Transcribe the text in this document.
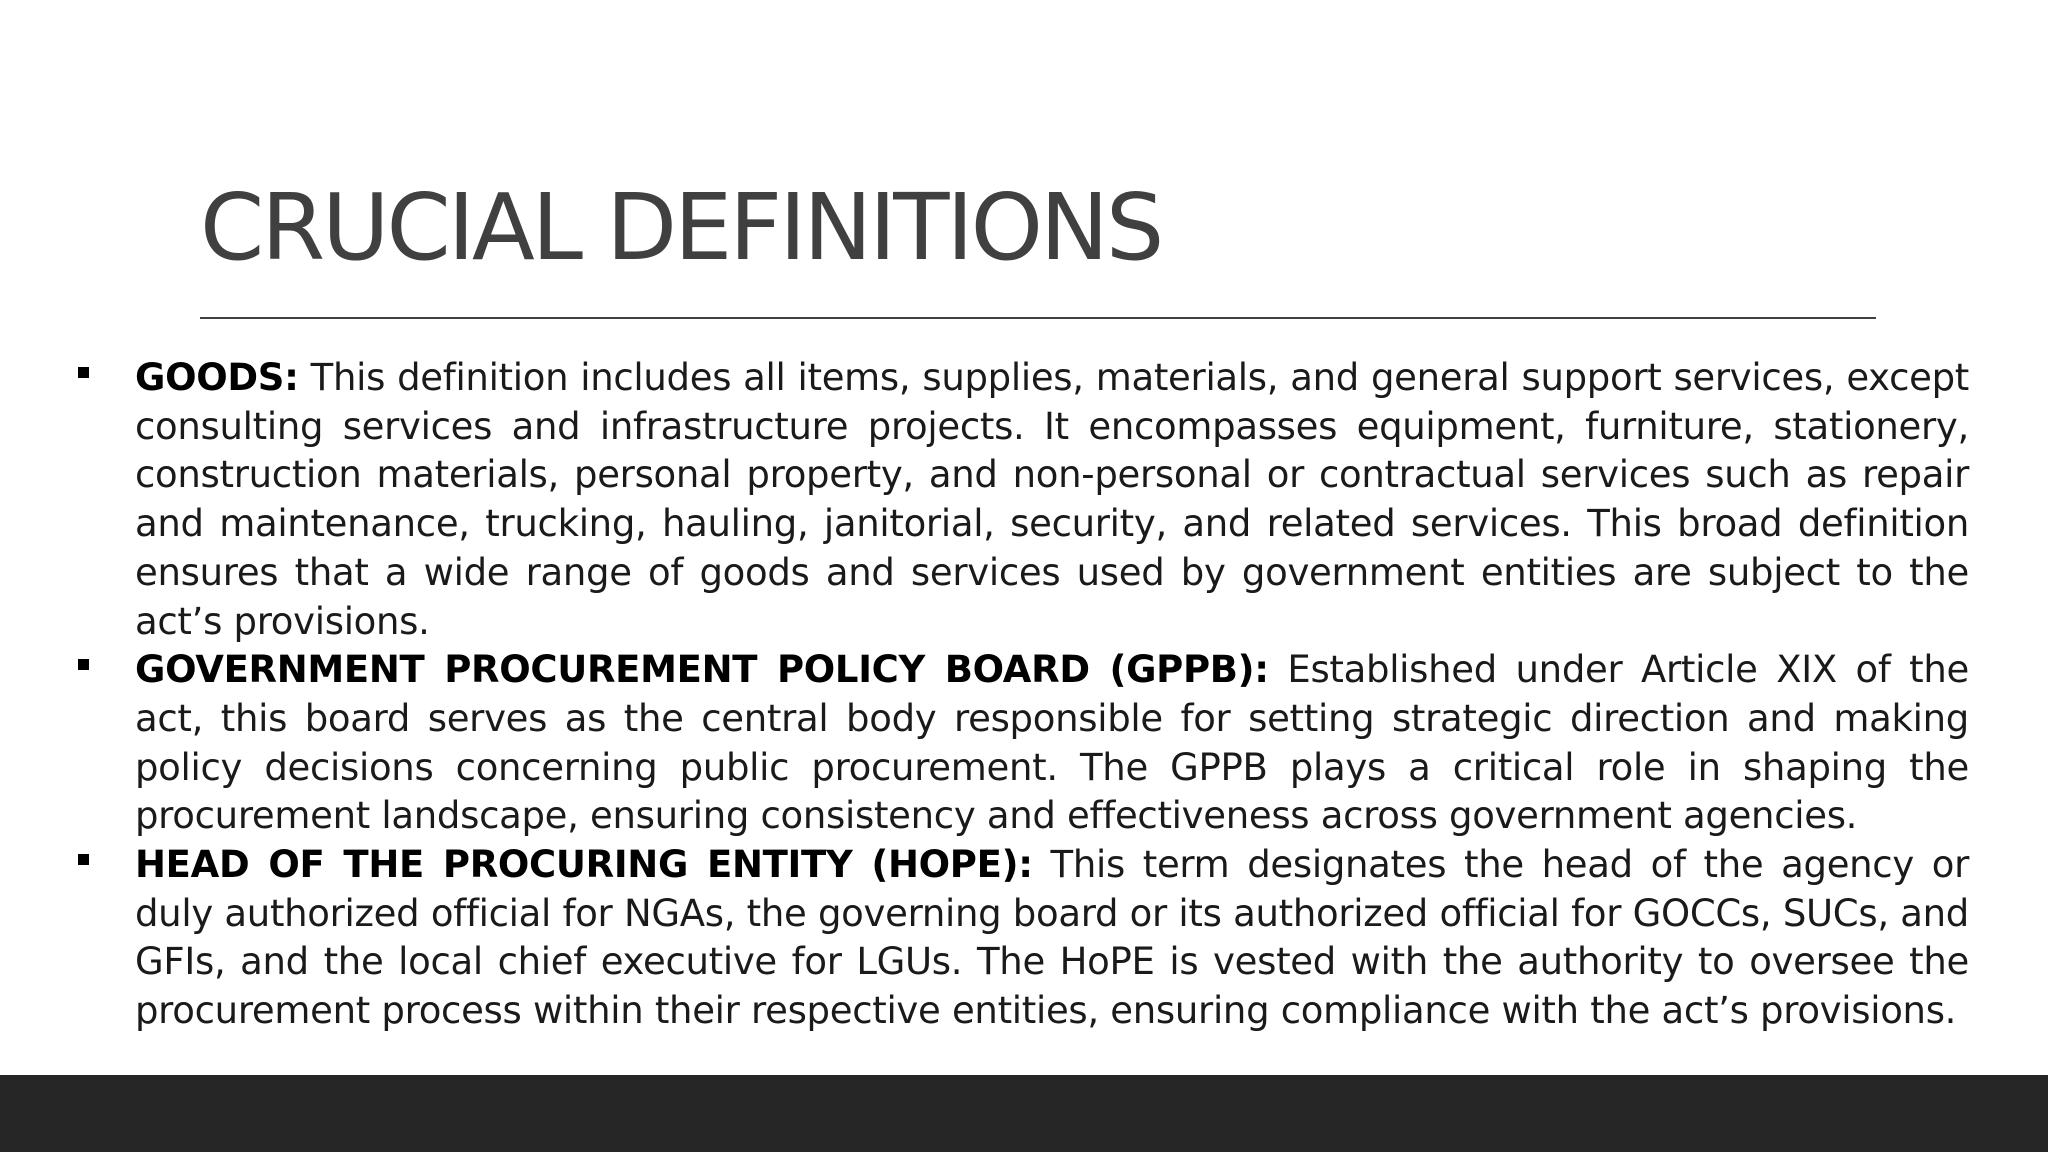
CRUCIAL DEFINITIONS
GOODS: This definition includes all items, supplies, materials, and general support services, except consulting services and infrastructure projects. It encompasses equipment, furniture, stationery, construction materials, personal property, and non-personal or contractual services such as repair and maintenance, trucking, hauling, janitorial, security, and related services. This broad definition ensures that a wide range of goods and services used by government entities are subject to the act’s provisions.
GOVERNMENT PROCUREMENT POLICY BOARD (GPPB): Established under Article XIX of the act, this board serves as the central body responsible for setting strategic direction and making policy decisions concerning public procurement. The GPPB plays a critical role in shaping the procurement landscape, ensuring consistency and effectiveness across government agencies.
HEAD OF THE PROCURING ENTITY (HOPE): This term designates the head of the agency or duly authorized official for NGAs, the governing board or its authorized official for GOCCs, SUCs, and GFIs, and the local chief executive for LGUs. The HoPE is vested with the authority to oversee the procurement process within their respective entities, ensuring compliance with the act’s provisions.
